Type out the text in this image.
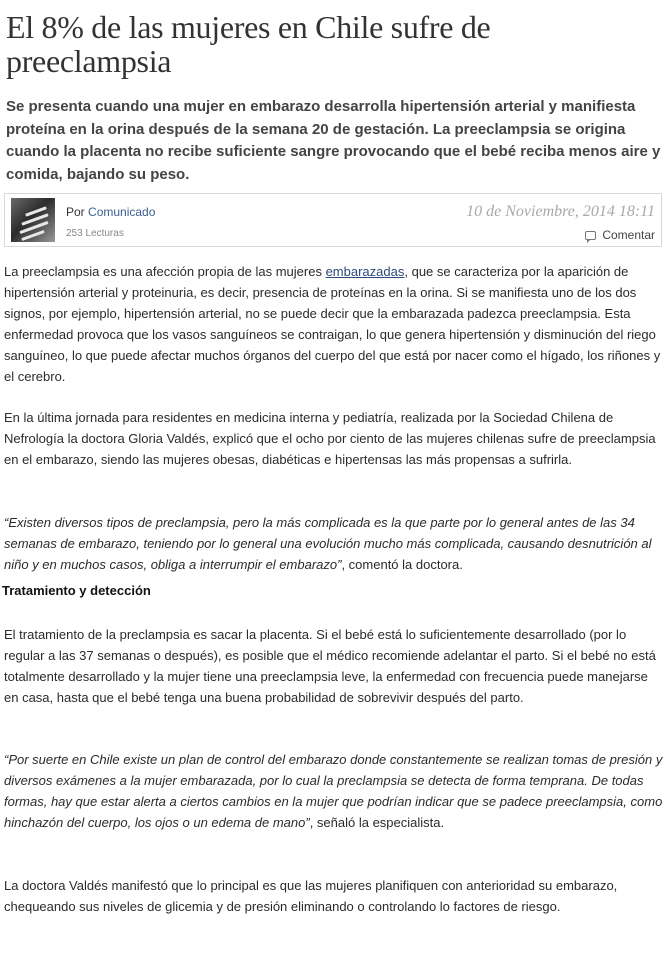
El 8% de las mujeres en Chile sufre de preeclampsia

Se presenta cuando una mujer en embarazo desarrolla hipertensión arterial y manifiesta proteína en la orina después de la semana 20 de gestación. La preeclampsia se origina cuando la placenta no recibe suficiente sangre provocando que el bebé reciba menos aire y comida, bajando su peso.

Por Comunicado
253 Lecturas
10 de Noviembre, 2014 18:11
Comentar

La preeclampsia es una afección propia de las mujeres embarazadas, que se caracteriza por la aparición de hipertensión arterial y proteinuria, es decir, presencia de proteínas en la orina. Si se manifiesta uno de los dos signos, por ejemplo, hipertensión arterial, no se puede decir que la embarazada padezca preeclampsia. Esta enfermedad provoca que los vasos sanguíneos se contraigan, lo que genera hipertensión y disminución del riego sanguíneo, lo que puede afectar muchos órganos del cuerpo del que está por nacer como el hígado, los riñones y el cerebro.

En la última jornada para residentes en medicina interna y pediatría, realizada por la Sociedad Chilena de Nefrología la doctora Gloria Valdés, explicó que el ocho por ciento de las mujeres chilenas sufre de preeclampsia en el embarazo, siendo las mujeres obesas, diabéticas e hipertensas las más propensas a sufrirla.

“Existen diversos tipos de preclampsia, pero la más complicada es la que parte por lo general antes de las 34 semanas de embarazo, teniendo por lo general una evolución mucho más complicada, causando desnutrición al niño y en muchos casos, obliga a interrumpir el embarazo”, comentó la doctora.

Tratamiento y detección

El tratamiento de la preclampsia es sacar la placenta. Si el bebé está lo suficientemente desarrollado (por lo regular a las 37 semanas o después), es posible que el médico recomiende adelantar el parto. Si el bebé no está totalmente desarrollado y la mujer tiene una preeclampsia leve, la enfermedad con frecuencia puede manejarse en casa, hasta que el bebé tenga una buena probabilidad de sobrevivir después del parto.

“Por suerte en Chile existe un plan de control del embarazo donde constantemente se realizan tomas de presión y diversos exámenes a la mujer embarazada, por lo cual la preclampsia se detecta de forma temprana. De todas formas, hay que estar alerta a ciertos cambios en la mujer que podrían indicar que se padece preeclampsia, como hinchazón del cuerpo, los ojos o un edema de mano”, señaló la especialista.

La doctora Valdés manifestó que lo principal es que las mujeres planifiquen con anterioridad su embarazo, chequeando sus niveles de glicemia y de presión eliminando o controlando lo factores de riesgo.
